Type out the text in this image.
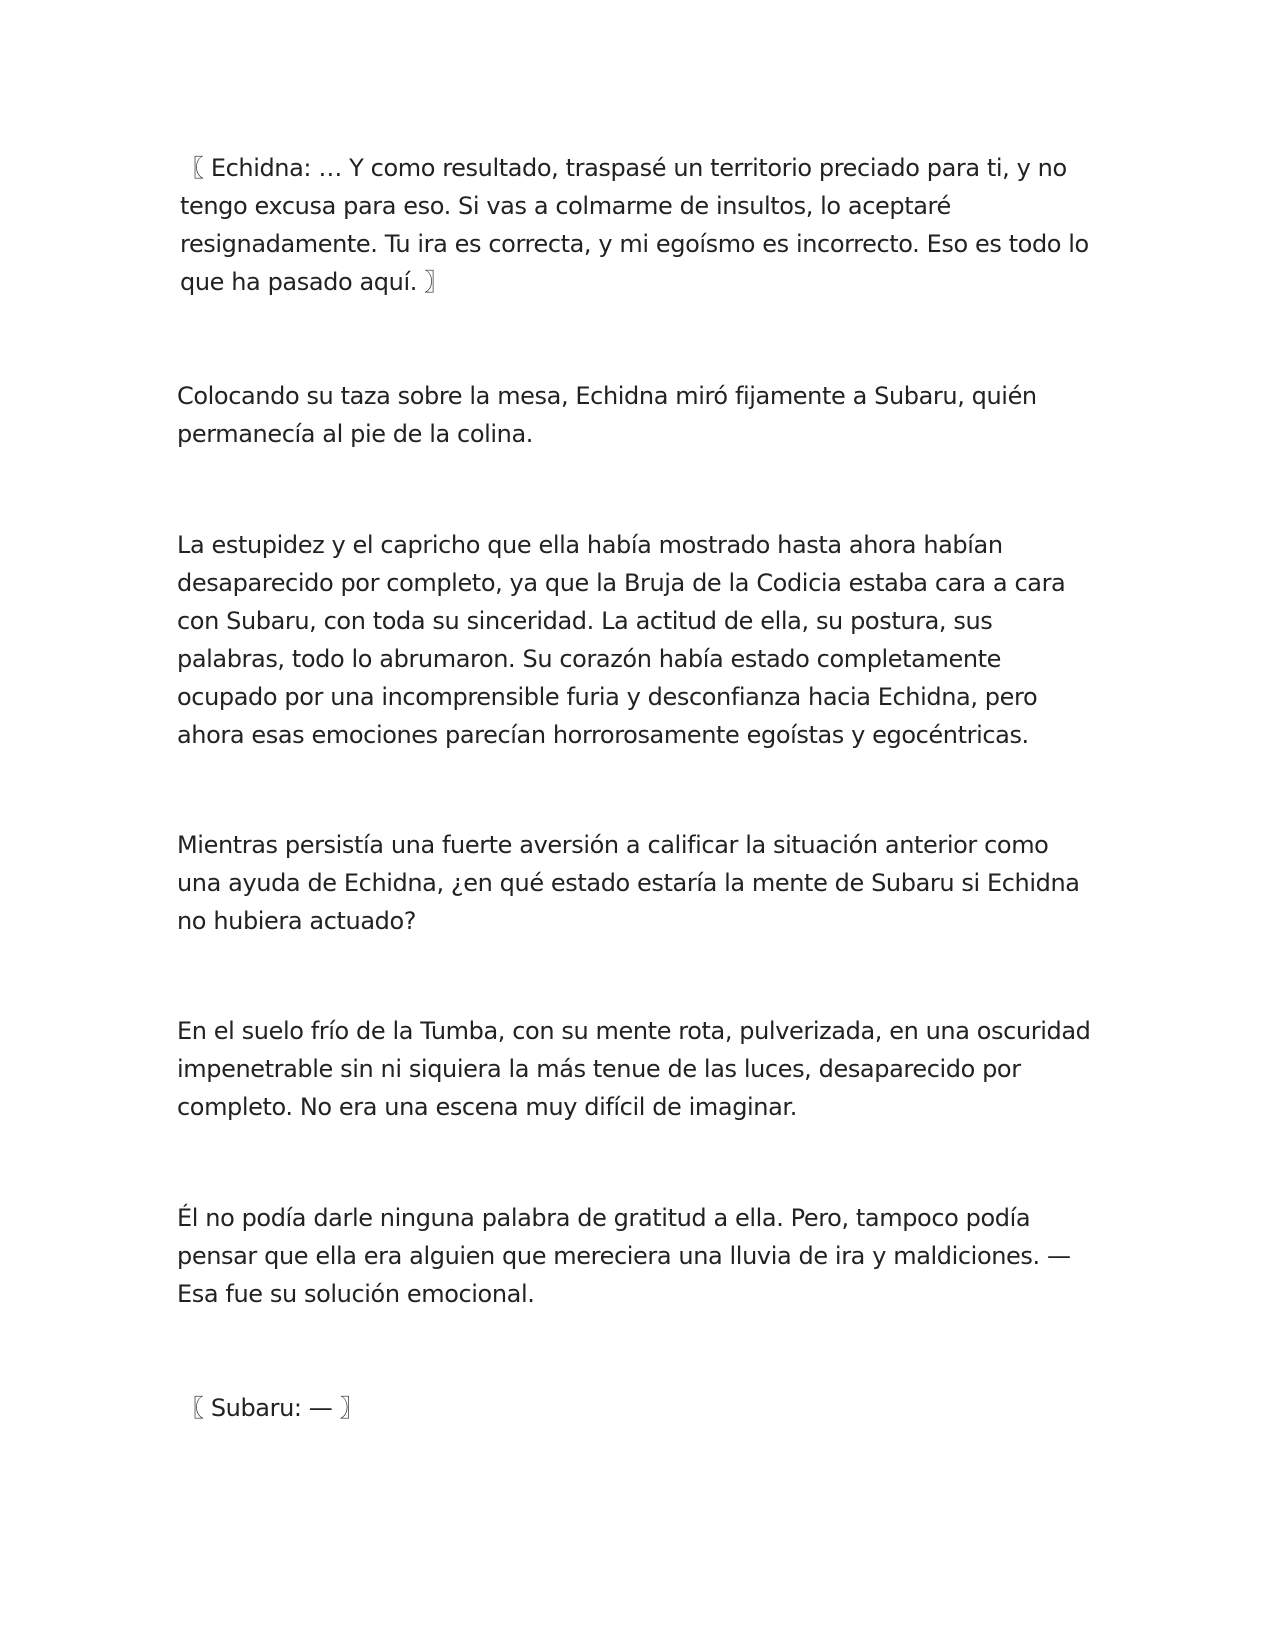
〖 Echidna: … Y como resultado, traspasé un territorio preciado para ti, y no tengo excusa para eso. Si vas a colmarme de insultos, lo aceptaré resignadamente. Tu ira es correcta, y mi egoísmo es incorrecto. Eso es todo lo que ha pasado aquí. 〗

Colocando su taza sobre la mesa, Echidna miró fijamente a Subaru, quién permanecía al pie de la colina.

La estupidez y el capricho que ella había mostrado hasta ahora habían desaparecido por completo, ya que la Bruja de la Codicia estaba cara a cara con Subaru, con toda su sinceridad. La actitud de ella, su postura, sus palabras, todo lo abrumaron. Su corazón había estado completamente ocupado por una incomprensible furia y desconfianza hacia Echidna, pero ahora esas emociones parecían horrorosamente egoístas y egocéntricas.

Mientras persistía una fuerte aversión a calificar la situación anterior como una ayuda de Echidna, ¿en qué estado estaría la mente de Subaru si Echidna no hubiera actuado?

En el suelo frío de la Tumba, con su mente rota, pulverizada, en una oscuridad impenetrable sin ni siquiera la más tenue de las luces, desaparecido por completo. No era una escena muy difícil de imaginar.

Él no podía darle ninguna palabra de gratitud a ella. Pero, tampoco podía pensar que ella era alguien que mereciera una lluvia de ira y maldiciones. — Esa fue su solución emocional.

〖 Subaru: — 〗
